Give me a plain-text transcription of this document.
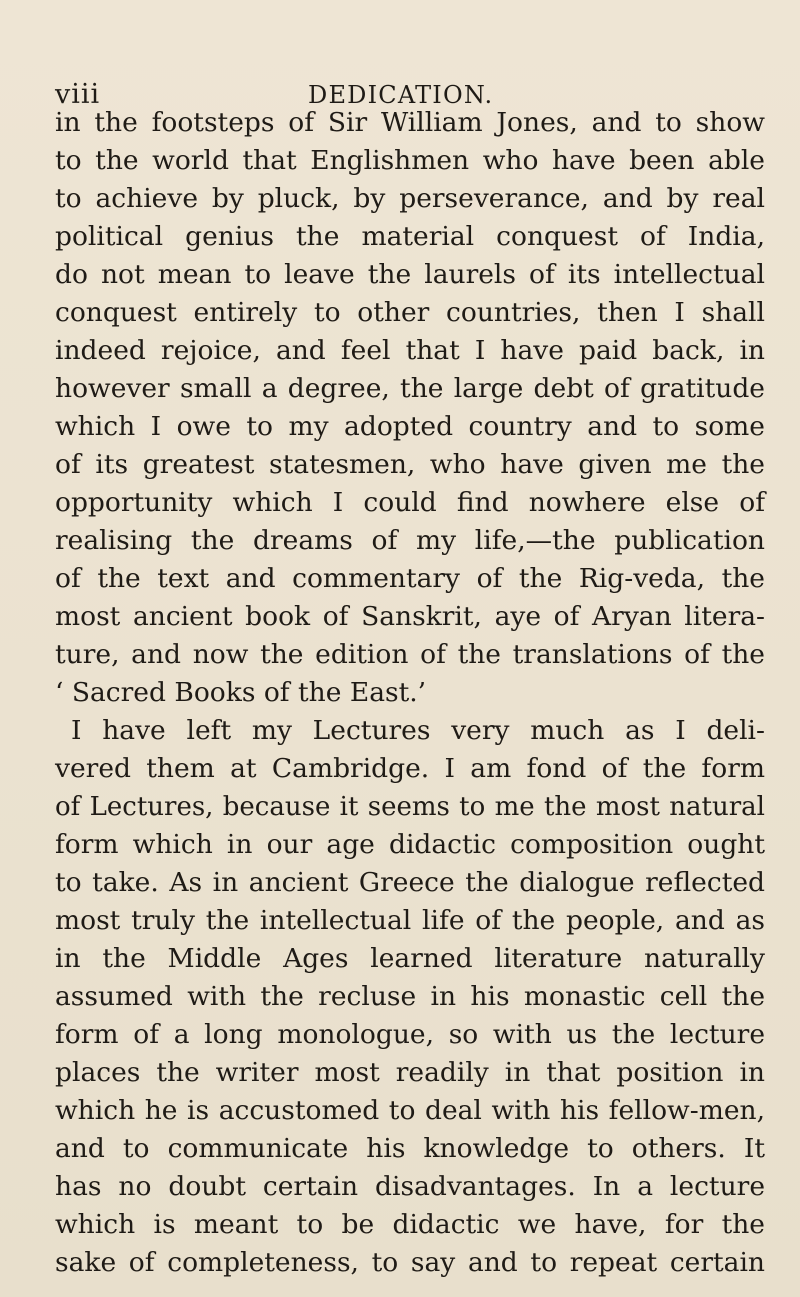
viii	DEDICATION.
in the footsteps of Sir William Jones, and to show
to the world that Englishmen who have been able
to achieve by pluck, by perseverance, and by real
political genius the material conquest of India,
do not mean to leave the laurels of its intellectual
conquest entirely to other countries, then I shall
indeed rejoice, and feel that I have paid back, in
however small a degree, the large debt of gratitude
which I owe to my adopted country and to some
of its greatest statesmen, who have given me the
opportunity which I could find nowhere else of
realising the dreams of my life,—the publication
of the text and commentary of the Rig-veda, the
most ancient book of Sanskrit, aye of Aryan litera-
ture, and now the edition of the translations of the
‘ Sacred Books of the East.’
I have left my Lectures very much as I deli-
vered them at Cambridge. I am fond of the form
of Lectures, because it seems to me the most natural
form which in our age didactic composition ought
to take. As in ancient Greece the dialogue reflected
most truly the intellectual life of the people, and as
in the Middle Ages learned literature naturally
assumed with the recluse in his monastic cell the
form of a long monologue, so with us the lecture
places the writer most readily in that position in
which he is accustomed to deal with his fellow-men,
and to communicate his knowledge to others. It
has no doubt certain disadvantages. In a lecture
which is meant to be didactic we have, for the
sake of completeness, to say and to repeat certain
